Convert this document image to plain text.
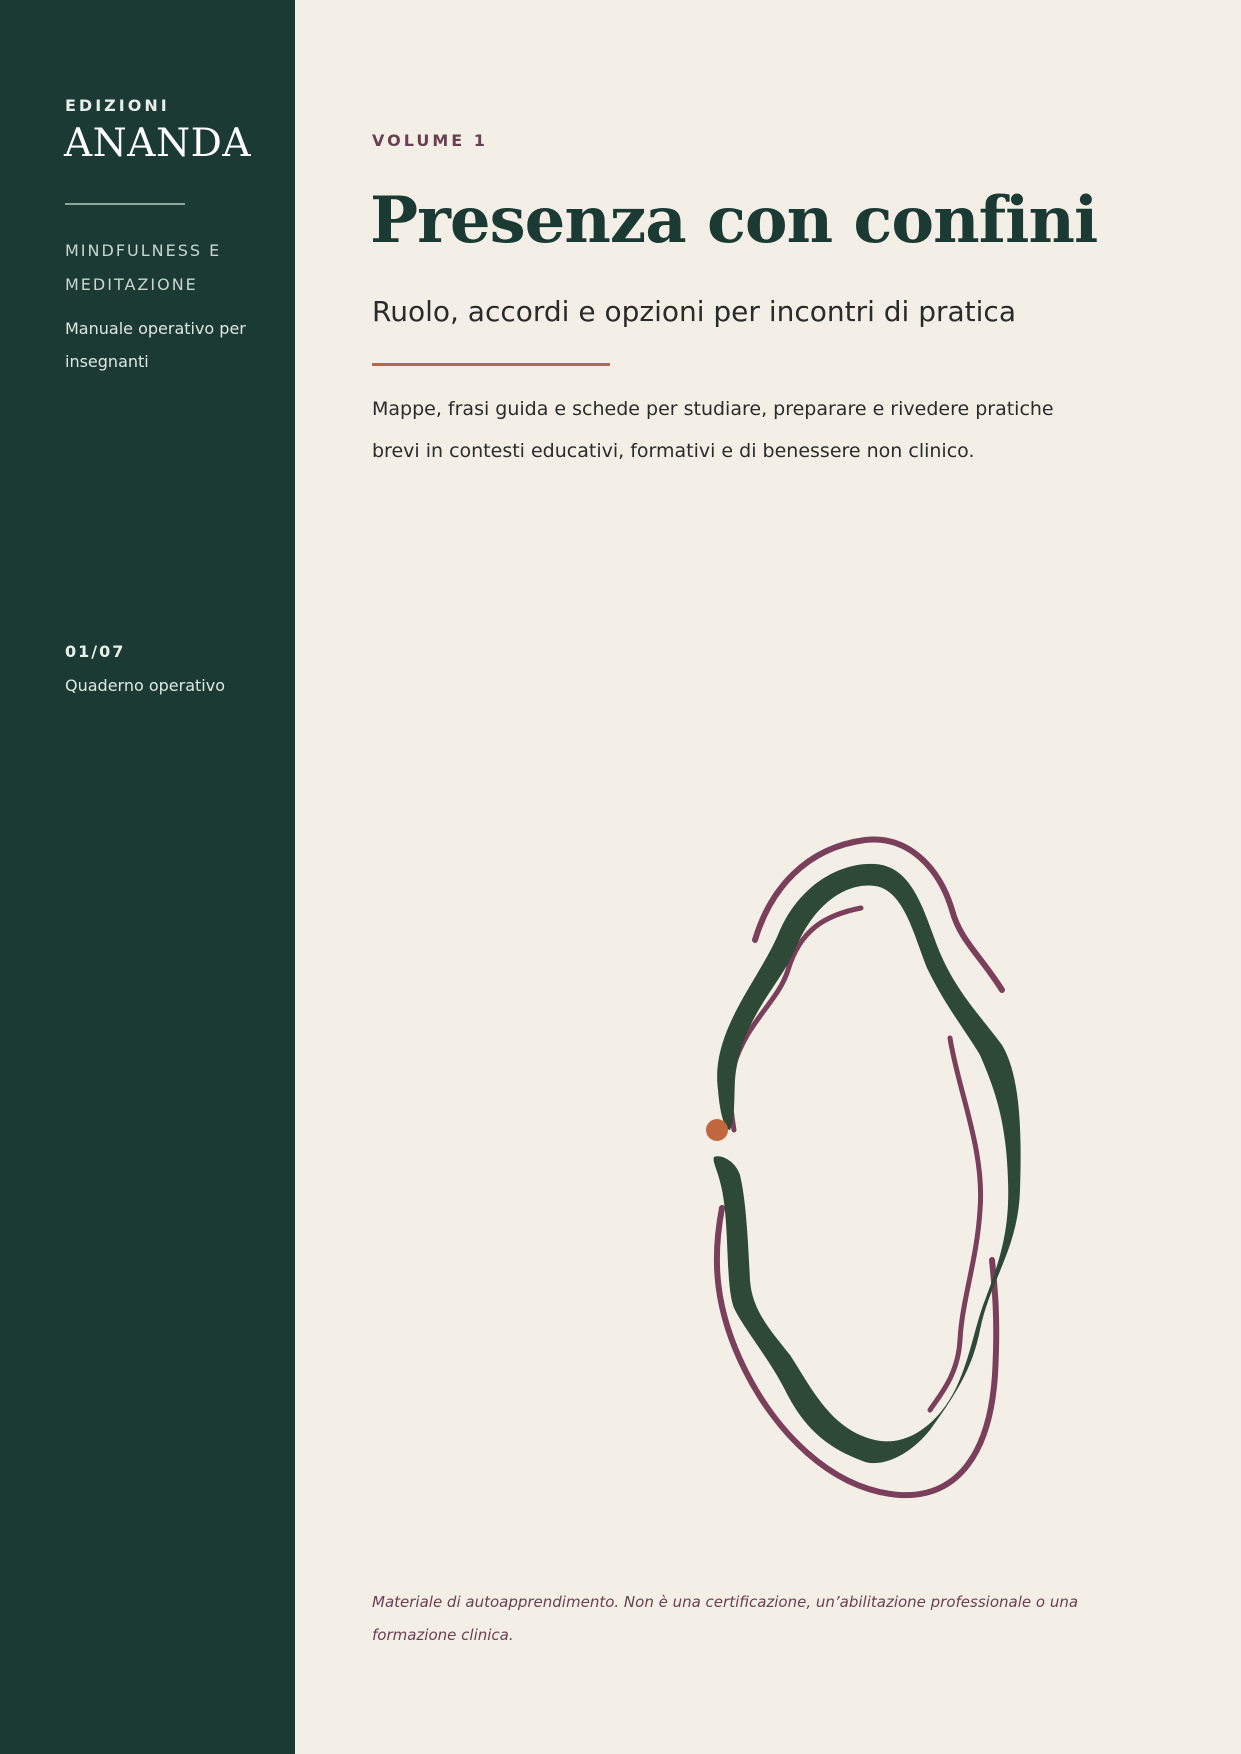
EDIZIONI
ANANDA
MINDFULNESS E MEDITAZIONE
Manuale operativo per insegnanti
01/07
Quaderno operativo
VOLUME 1
Presenza con confini
Ruolo, accordi e opzioni per incontri di pratica
Mappe, frasi guida e schede per studiare, preparare e rivedere pratiche brevi in contesti educativi, formativi e di benessere non clinico.
Materiale di autoapprendimento. Non è una certificazione, un’abilitazione professionale o una formazione clinica.
